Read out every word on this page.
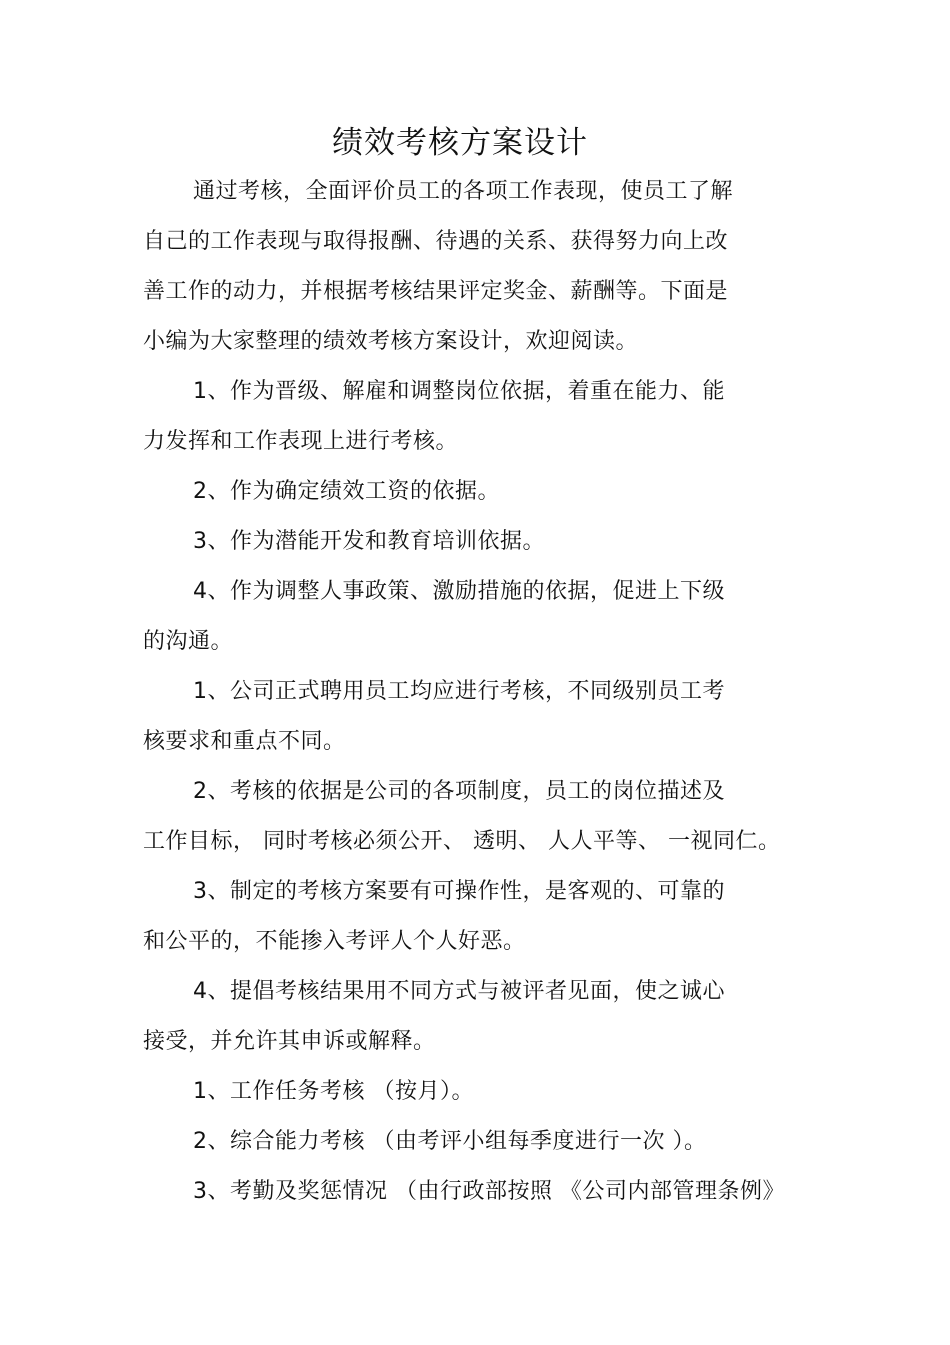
绩效考核方案设计
通过考核，全面评价员工的各项工作表现，使员工了解
自己的工作表现与取得报酬、待遇的关系、获得努力向上改
善工作的动力，并根据考核结果评定奖金、薪酬等。下面是
小编为大家整理的绩效考核方案设计，欢迎阅读。
1、作为晋级、解雇和调整岗位依据，着重在能力、能
力发挥和工作表现上进行考核。
2、作为确定绩效工资的依据。
3、作为潜能开发和教育培训依据。
4、作为调整人事政策、激励措施的依据，促进上下级
的沟通。
1、公司正式聘用员工均应进行考核，不同级别员工考
核要求和重点不同。
2、考核的依据是公司的各项制度，员工的岗位描述及
工作目标， 同时考核必须公开、 透明、 人人平等、 一视同仁。
3、制定的考核方案要有可操作性，是客观的、可靠的
和公平的，不能掺入考评人个人好恶。
4、提倡考核结果用不同方式与被评者见面，使之诚心
接受，并允许其申诉或解释。
1、工作任务考核 （按月）。
2、综合能力考核 （由考评小组每季度进行一次 ）。
3、考勤及奖惩情况 （由行政部按照 《公司内部管理条例》
